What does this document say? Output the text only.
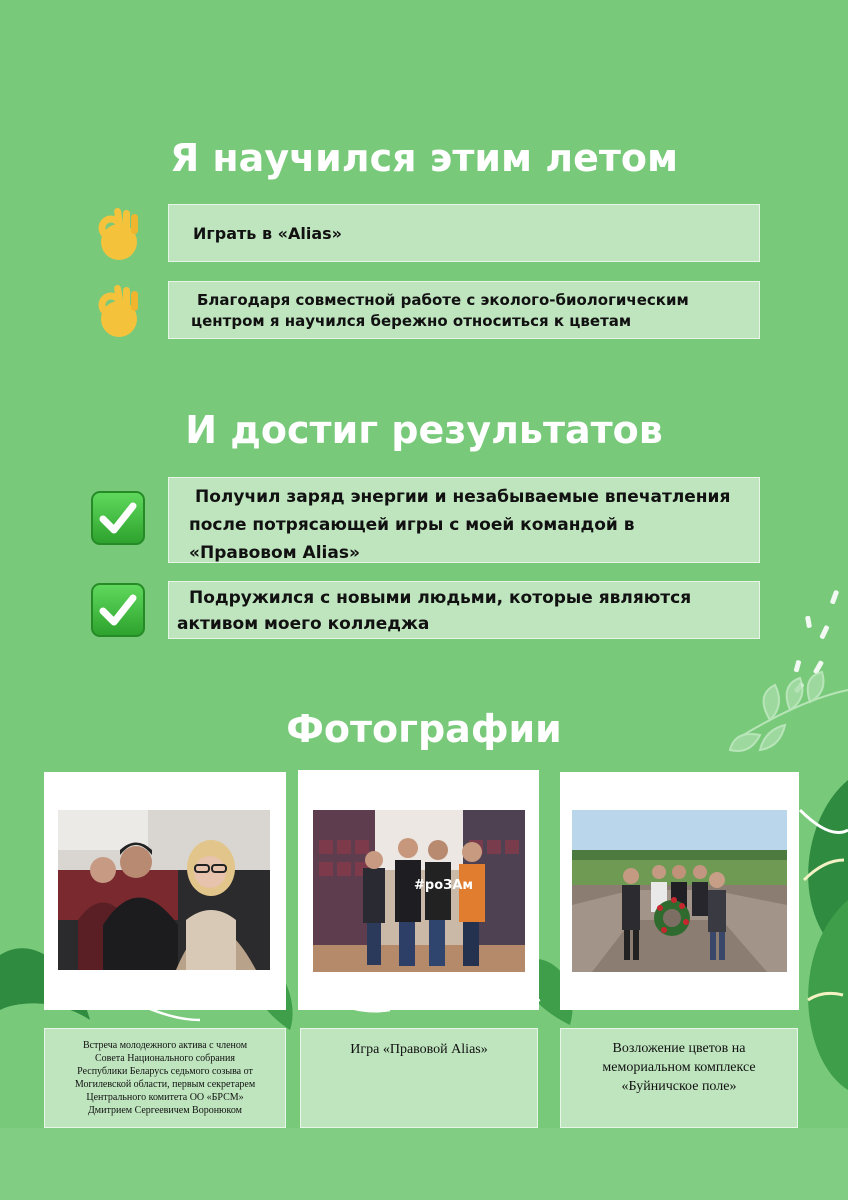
Я научился этим летом
Играть в «Alias»
Благодаря совместной работе с эколого-биологическим
центром я научился бережно относиться к цветам
И достиг результатов
Получил заряд энергии и незабываемые впечатления
после потрясающей игры с моей командой в
«Правовом Alias»
Подружился с новыми людьми, которые являются
активом моего колледжа
Фотографии
Встреча молодежного актива с членом
Совета Национального собрания
Республики Беларусь седьмого созыва от
Могилевской области, первым секретарем
Центрального комитета ОО «БРСМ»
Дмитрием Сергеевичем Воронюком
#роЗАм
Игра «Правовой Alias»	Возложение цветов на
мемориальном комплексе
«Буйничское поле»
